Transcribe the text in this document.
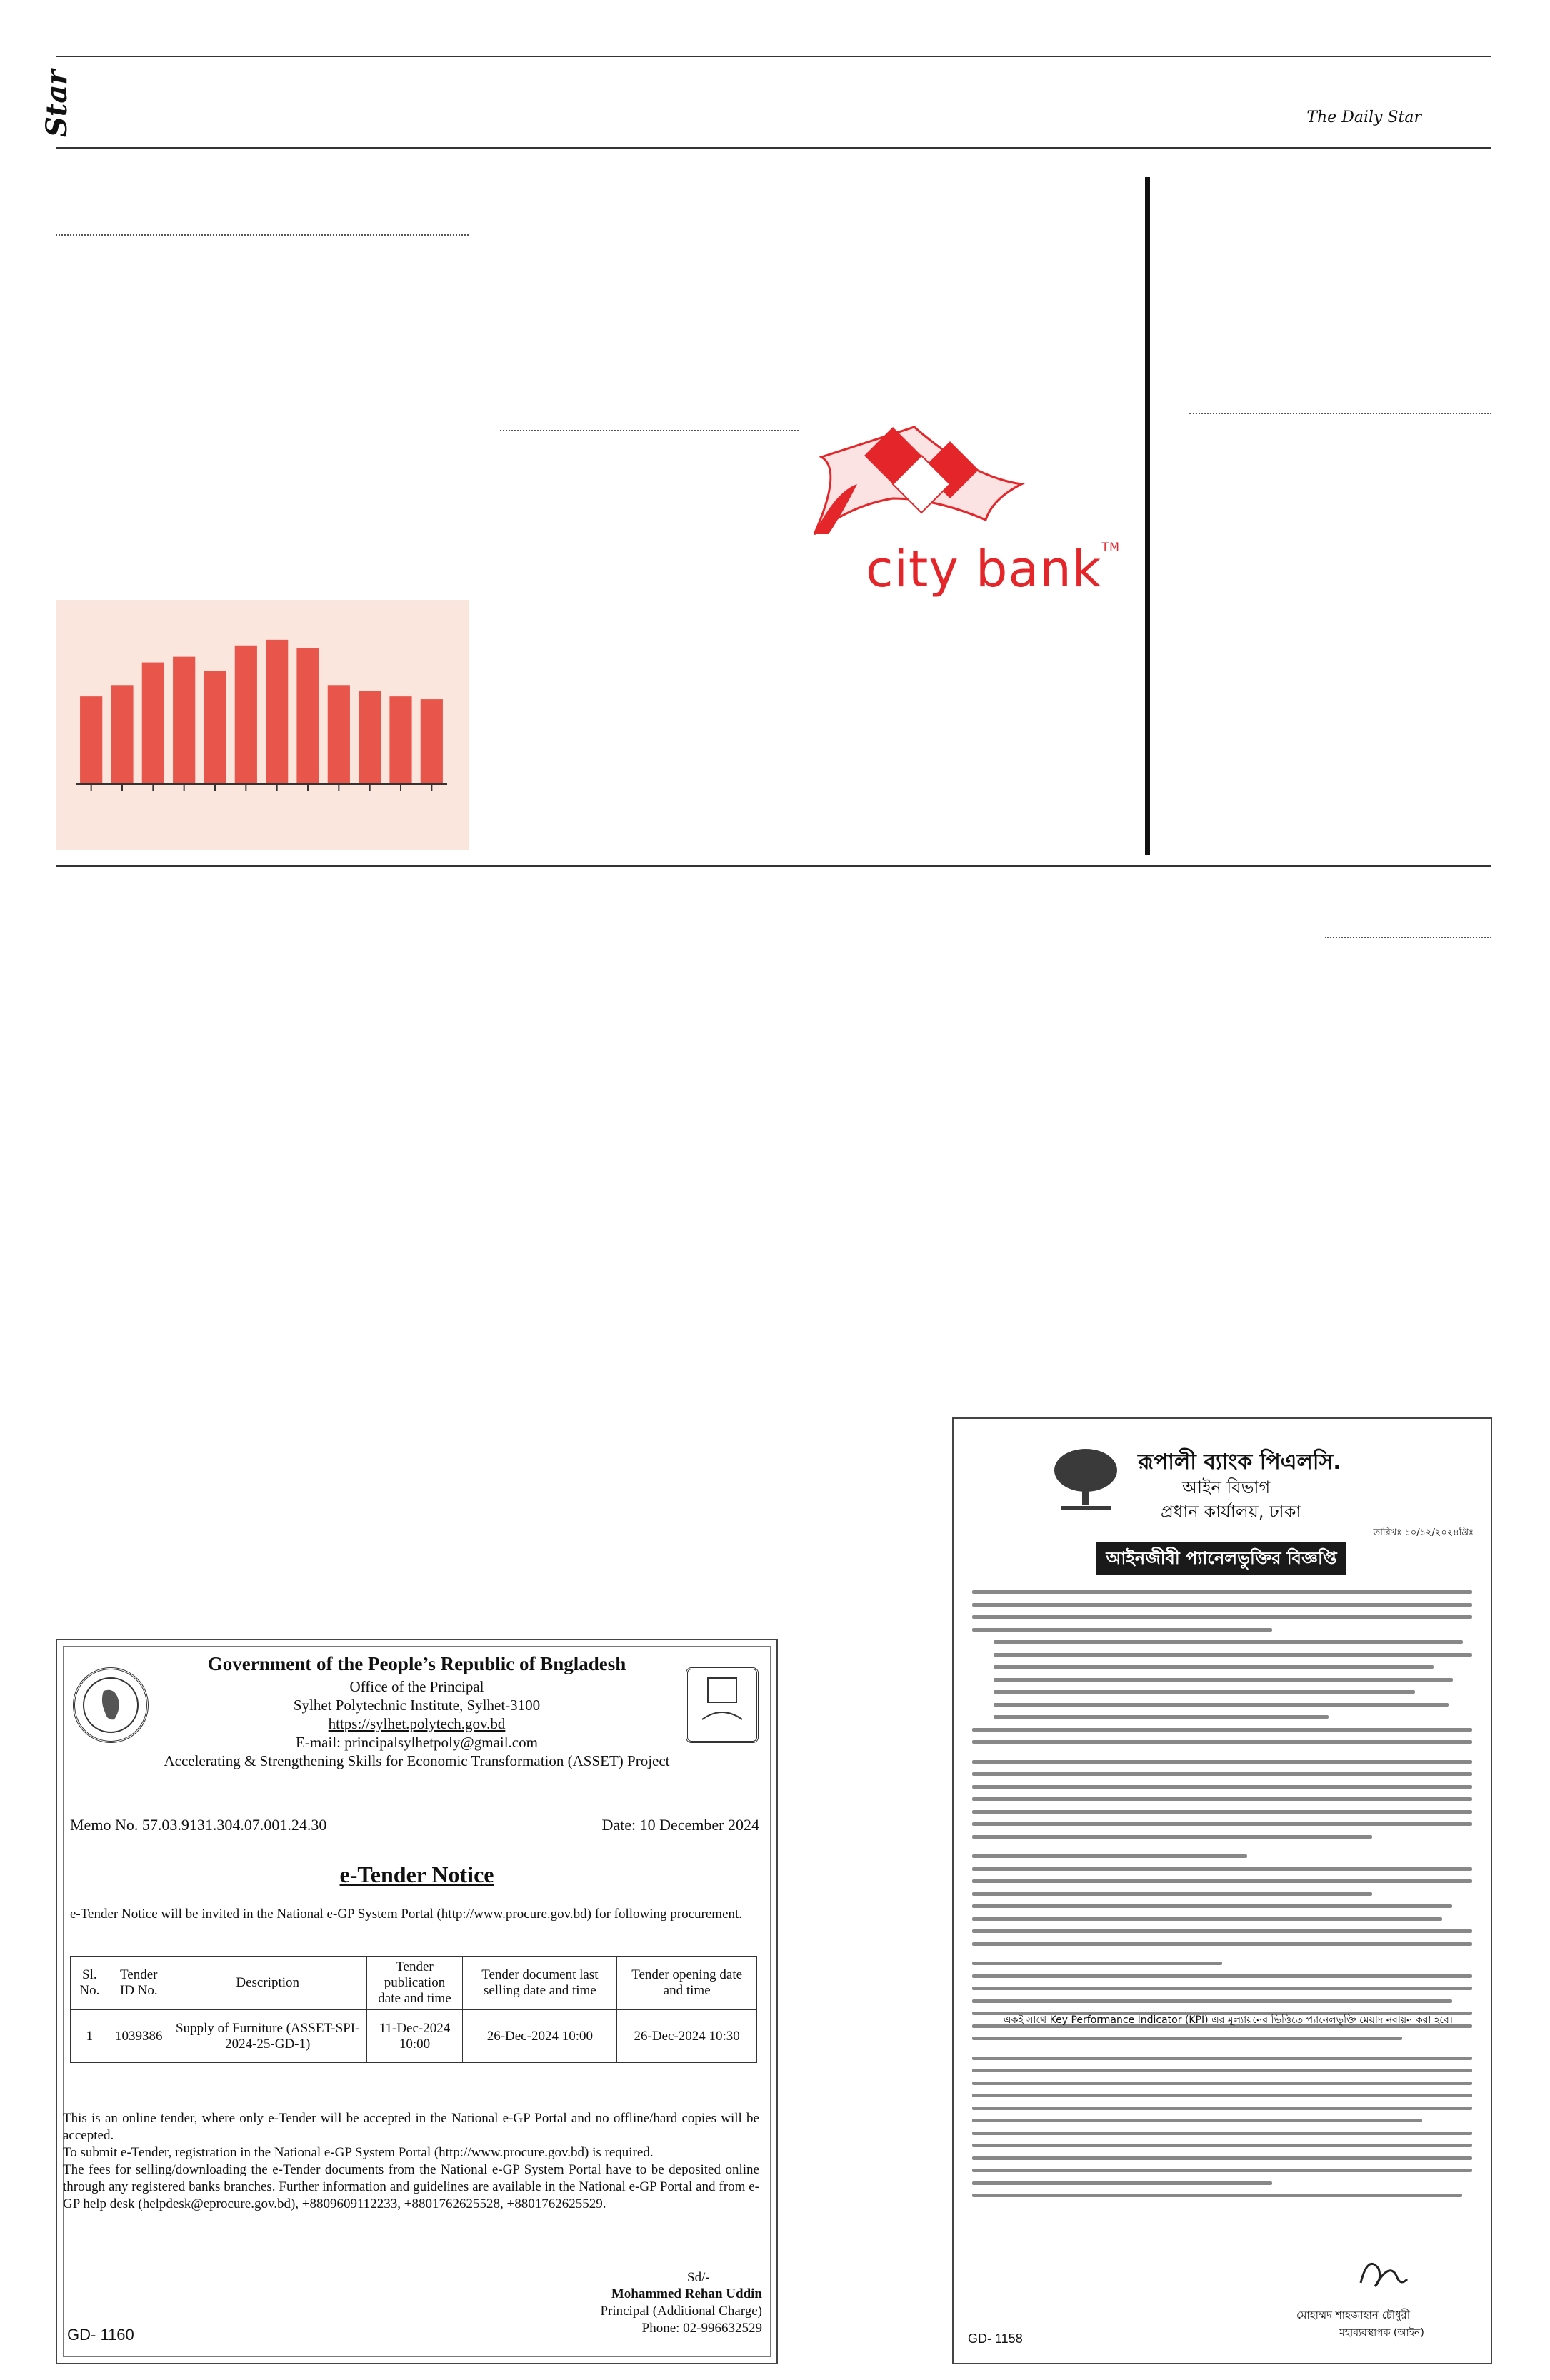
Star	The Daily Star
city bank™
Government of the People’s Republic of Bngladesh
Office of the Principal
Sylhet Polytechnic Institute, Sylhet-3100
https://sylhet.polytech.gov.bd
E-mail: principalsylhetpoly@gmail.com
Accelerating & Strengthening Skills for Economic Transformation (ASSET) Project
Memo No. 57.03.9131.304.07.001.24.30	Date: 10 December 2024
e-Tender Notice
e-Tender Notice will be invited in the National e-GP System Portal (http://www.procure.gov.bd) for following procurement.
Sl. No.	Tender ID No.	Description	Tender publication date and time	Tender document last selling date and time	Tender opening date and time
1	1039386	Supply of Furniture (ASSET-SPI-2024-25-GD-1)	11-Dec-2024 10:00	26-Dec-2024 10:00	26-Dec-2024 10:30
This is an online tender, where only e-Tender will be accepted in the National e-GP Portal and no offline/hard copies will be accepted.
To submit e-Tender, registration in the National e-GP System Portal (http://www.procure.gov.bd) is required.
The fees for selling/downloading the e-Tender documents from the National e-GP System Portal have to be deposited online through any registered banks branches. Further information and guidelines are available in the National e-GP Portal and from e-GP help desk (helpdesk@eprocure.gov.bd), +8809609112233, +8801762625528, +8801762625529.
Sd/-
Mohammed Rehan Uddin
Principal (Additional Charge)
Phone: 02-996632529
GD- 1160
রূপালী ব্যাংক পিএলসি.
আইন বিভাগ
প্রধান কার্যালয়, ঢাকা
তারিখঃ ১০/১২/২০২৪খ্রিঃ
আইনজীবী প্যানেলভুক্তির বিজ্ঞপ্তি
একই সাথে Key Performance Indicator (KPI) এর মূল্যায়নের ভিত্তিতে প্যানেলভুক্তি মেয়াদ নবায়ন করা হবে।
মোহাম্মদ শাহজাহান চৌধুরী
মহাব্যবস্থাপক (আইন)
GD- 1158
